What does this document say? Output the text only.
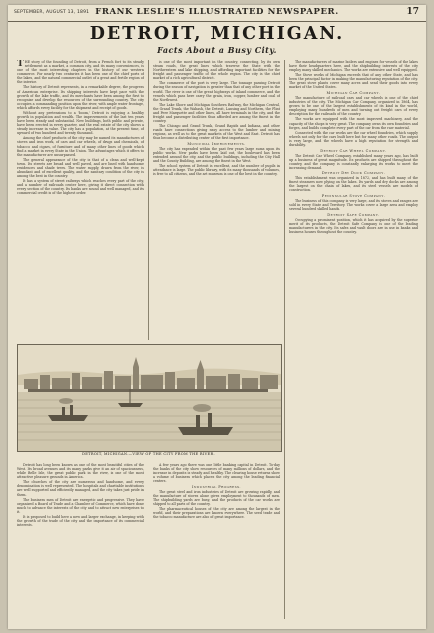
SEPTEMBER, AUGUST 13, 1891 FRANK LESLIE'S ILLUSTRATED NEWSPAPER.	17
DETROIT, MICHIGAN.
Facts About a Busy City.

THE story of the founding of Detroit, from a French fort to its steady settlement as a market, a common city, and its many conveniences, is one of the most interesting chapters in the history of our western commerce. For nearly two centuries it has been one of the chief ports of the lakes, and the natural commercial outlet of a great and fertile region of the interior.

The history of Detroit represents, in a remarkable degree, the progress of American enterprise. Its shipping interests have kept pace with the growth of the lake traffic, and its merchants have been among the first to recognize and develop the resources of the surrounding country. The city occupies a commanding position upon the river, with ample water frontage, which affords every facility for the shipment and receipt of goods.

Without any pretensions to a 'boom,' Detroit is enjoying a healthy growth in population and wealth. The improvements of the last ten years have been steady and substantial. New buildings, both public and private, have been erected in every quarter, and the real estate of the city shows a steady increase in value. The city has a population, at the present time, of upward of two hundred and twenty thousand.

Among the chief products of the city may be named its manufactures of stoves and iron work, of cars and car wheels, of drugs and chemicals, of tobacco and cigars, of furniture and of many other lines of goods which find a market in every State in the Union. The advantages which it offers to the manufacturer are unsurpassed.

The general appearance of the city is that of a clean and well-kept town. Its streets are broad and well paved, and are lined with handsome residences and shade trees. The water supply, drawn from the river, is abundant and of excellent quality, and the sanitary condition of the city is among the best in the country.

It has a system of street railways which reaches every part of the city, and a number of railroads center here, giving it direct connection with every section of the country. Its banks are sound and well managed, and its commercial credit is of the highest order.

is one of the most important in the country, connecting, by its own steam roads, the great lines which traverse the State with the Northwestern and lake shipping, and affording important facilities for the freight and passenger traffic of the whole region. The city is the chief market of a rich agricultural district.

The commerce of the port is very large. The tonnage passing Detroit during the season of navigation is greater than that of any other port in the world. The river is one of the great highways of inland commerce, and the vessels which pass here carry the grain, iron, copper, lumber and coal of the Northwest.

The Lake Shore and Michigan Southern Railway, the Michigan Central, the Grand Trunk, the Wabash, the Detroit, Lansing and Northern, the Flint and Pere Marquette and other lines, all have terminals in the city, and the freight and passenger facilities thus afforded are among the finest in the country.

The Chicago and Grand Trunk, Grand Rapids and Indiana, and other roads have connections giving easy access to the lumber and mining regions, as well as to the great markets of the West and East. Detroit has thus become a distributing center of the first importance.

Municipal Improvements.

The city has expended within the past few years large sums upon its public works. New parks have been laid out, the boulevard has been extended around the city, and the public buildings, including the City Hall and the County Building, are among the finest in the West.

The school system of Detroit is excellent, and the number of pupils in attendance is large. The public library, with its many thousands of volumes, is free to all citizens, and the art museum is one of the best in the country.

The manufacturers of marine boilers and engines for vessels of the lakes have their headquarters here, and the shipbuilding interests of the city employ many skilled mechanics. The works are extensive and well equipped.

The Stove works of Michigan exceeds that of any other State, and has been the principal factor in making the manufacturing reputation of the city. The great stove plants cover many acres and send their goods into every market of the United States.

Michigan Car Company.

The manufacture of railroad cars and car wheels is one of the chief industries of the city. The Michigan Car Company, organized in 1864, has grown to be one of the largest establishments of its kind in the world, employing many hundreds of men and turning out freight cars of every description for the railroads of the country.

The works are equipped with the most improved machinery, and the capacity of the shops is very great. The company owns its own foundries and forges, and builds complete every part of the car from the raw material.

Connected with the car works are the car wheel foundries, which supply wheels not only for the cars built here but for many other roads. The output is very large, and the wheels have a high reputation for strength and durability.

Detroit Car Wheel Company.

The Detroit Car Wheel Company, established many years ago, has built up a business of great magnitude. Its products are shipped throughout the country, and the company is constantly enlarging its works to meet the increasing demand.

Detroit Dry Dock Company.

This establishment was organized in 1872, and has built many of the finest steamers now plying on the lakes. Its yards and dry docks are among the largest on the chain of lakes, and its steel vessels are models of construction.

Peninsular Stove Company.

The business of this company is very large, and its stoves and ranges are sold in every State and Territory. The works cover a large area and employ several hundred skilled hands.

Detroit Safe Company.

Occupying a prominent position, which it has acquired by the superior merit of its products, the Detroit Safe Company is one of the leading manufacturers in the city. Its safes and vault doors are in use in banks and business houses throughout the country.

DETROIT, MICHIGAN.—VIEW OF THE CITY FROM THE RIVER.

Detroit has long been known as one of the most beautiful cities of the West. Its broad avenues and its many parks give it an air of spaciousness, while Belle Isle, the great public park in the river, is one of the most attractive pleasure grounds in America.

The churches of the city are numerous and handsome, and every denomination is well represented. The hospitals and charitable institutions are well supported and efficiently managed, and the city takes just pride in them.

The business men of Detroit are energetic and progressive. They have organized a Board of Trade and a Chamber of Commerce, which have done much to advance the interests of the city and to attract new enterprises to it.

It is proposed to build here a new and larger exchange, in keeping with the growth of the trade of the city and the importance of its commercial interests.

A few years ago there was one little banking capital in Detroit. To-day the banks of the city show resources of many millions of dollars, and the increase in deposits is steady and healthy. The clearing house returns show a volume of business which places the city among the leading financial centers.

Industrial Progress.

The great steel and iron industries of Detroit are growing rapidly, and the manufacture of stoves alone gives employment to thousands of men. The shipbuilding yards are busy, and the products of the car works are shipped to all parts of the country.

The pharmaceutical houses of the city are among the largest in the world, and their preparations are known everywhere. The seed trade and the tobacco manufacture are also of great importance.
